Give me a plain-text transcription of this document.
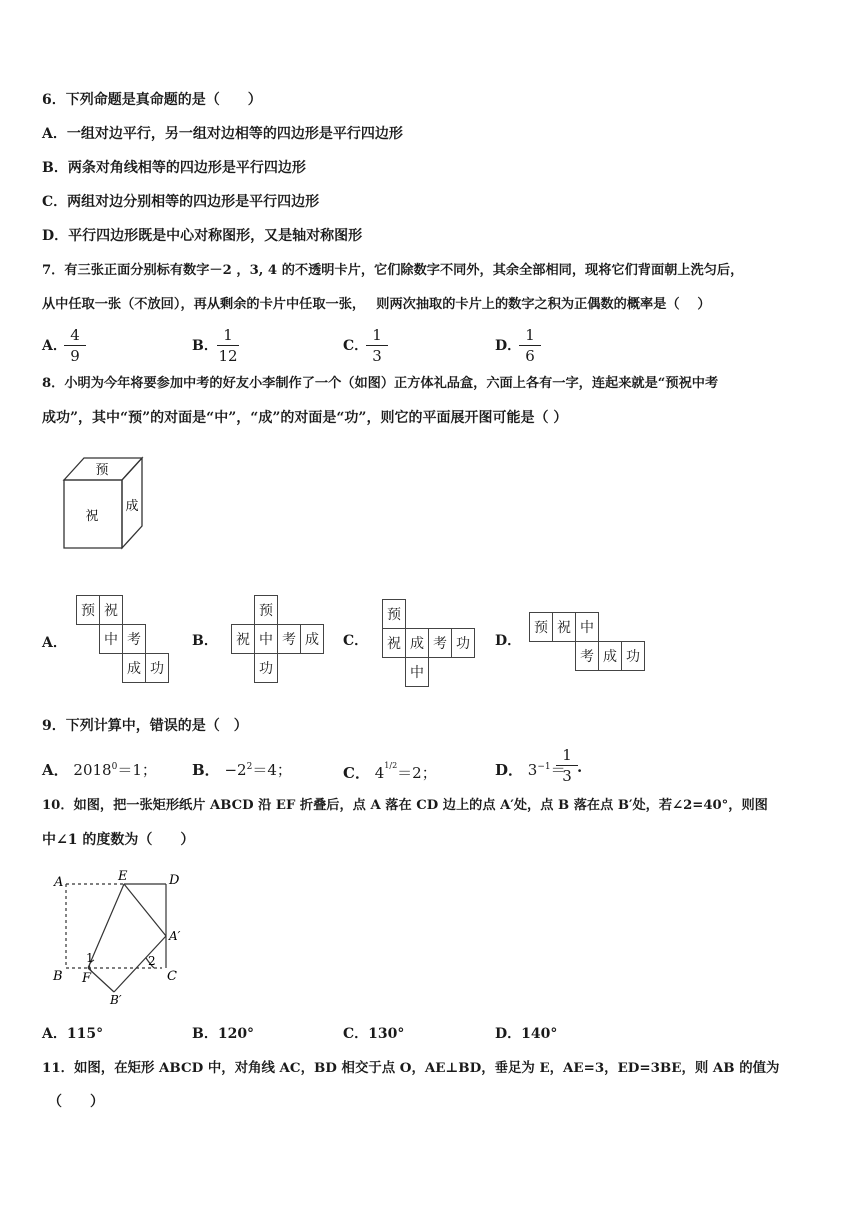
6．下列命题是真命题的是（　　）
A．一组对边平行，另一组对边相等的四边形是平行四边形
B．两条对角线相等的四边形是平行四边形
C．两组对边分别相等的四边形是平行四边形
D．平行四边形既是中心对称图形，又是轴对称图形
7．有三张正面分别标有数字－2 ，3, 4 的不透明卡片，它们除数字不同外，其余全部相同，现将它们背面朝上洗匀后，
从中任取一张（不放回），再从剩余的卡片中任取一张，　 则两次抽取的卡片上的数字之积为正偶数的概率是（　 ）
A．
4
9
B．
1
12
C．
1
3
D．
1
6
8．小明为今年将要参加中考的好友小李制作了一个（如图）正方体礼品盒，六面上各有一字，连起来就是“预祝中考
成功”，其中“预”的对面是“中”，“成”的对面是“功”，则它的平面展开图可能是（ ）
预
祝
成
A．
预	祝		
	中	考	
		成	功
B．
	预		
祝	中	考	成
	功		
C．
预			
祝	成	考	功
	中		
D．
预	祝	中		
		考	成	功
9．下列计算中，错误的是（　）
A． $2018^0=1$； B． $-2^2=4$；	C． $4^{1/2}=2$；	D． $3^{-1}=$
1
3 .
10．如图，把一张矩形纸片 ABCD 沿 EF 折叠后，点 A 落在 CD 边上的点 A′处，点 B 落在点 B′处，若∠2=40°，则图
中∠1 的度数为（　　）
A	E	D
A′
B F	C
B′
1	2
A．115°	B．120°	C．130°	D．140°
11．如图，在矩形 ABCD 中，对角线 AC，BD 相交于点 O，AE⊥BD，垂足为 E，AE=3，ED=3BE，则 AB 的值为
（　　）
